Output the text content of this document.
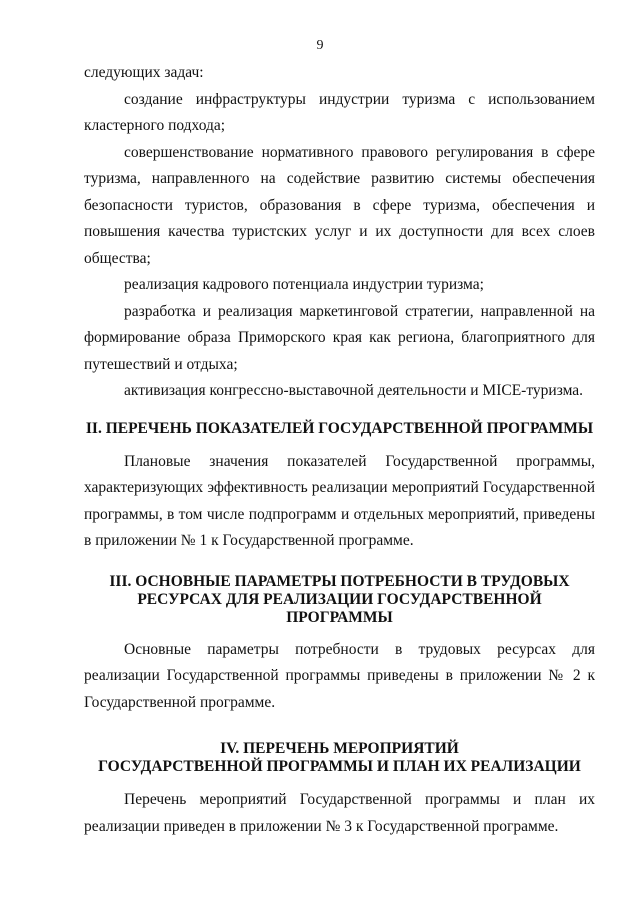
9

следующих задач:

создание инфраструктуры индустрии туризма с использованием кластерного подхода;

совершенствование нормативного правового регулирования в сфере туризма, направленного на содействие развитию системы обеспечения безопасности туристов, образования в сфере туризма, обеспечения и повышения качества туристских услуг и их доступности для всех слоев общества;

реализация кадрового потенциала индустрии туризма;

разработка и реализация маркетинговой стратегии, направленной на формирование образа Приморского края как региона, благоприятного для путешествий и отдыха;

активизация конгрессно-выставочной деятельности и MICE-туризма.

II. ПЕРЕЧЕНЬ ПОКАЗАТЕЛЕЙ ГОСУДАРСТВЕННОЙ ПРОГРАММЫ

Плановые значения показателей Государственной программы, характеризующих эффективность реализации мероприятий Государственной программы, в том числе подпрограмм и отдельных мероприятий, приведены в приложении № 1 к Государственной программе.

III. ОСНОВНЫЕ ПАРАМЕТРЫ ПОТРЕБНОСТИ В ТРУДОВЫХ
РЕСУРСАХ ДЛЯ РЕАЛИЗАЦИИ ГОСУДАРСТВЕННОЙ ПРОГРАММЫ

Основные параметры потребности в трудовых ресурсах для реализации Государственной программы приведены в приложении № 2 к Государственной программе.

IV. ПЕРЕЧЕНЬ МЕРОПРИЯТИЙ
ГОСУДАРСТВЕННОЙ ПРОГРАММЫ И ПЛАН ИХ РЕАЛИЗАЦИИ

Перечень мероприятий Государственной программы и план их реализации приведен в приложении № 3 к Государственной программе.
